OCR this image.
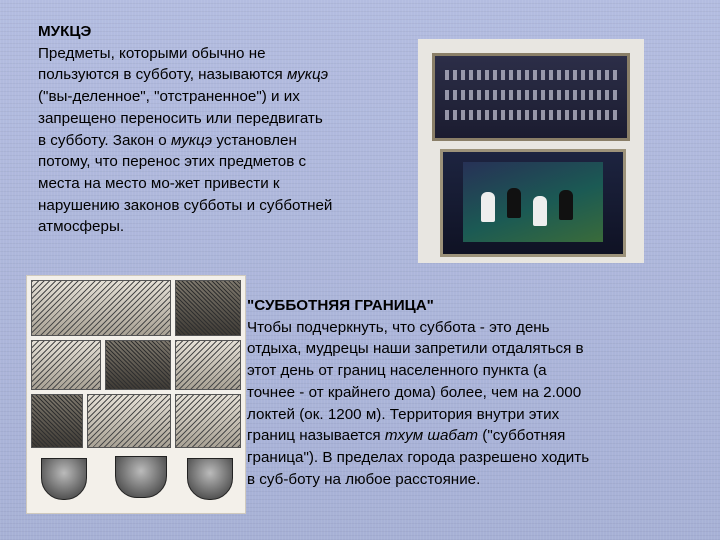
МУКЦЭ

Предметы, которыми обычно не

пользуются в субботу, называются мукцэ

("вы-деленное", "отстраненное") и их

запрещено переносить или передвигать

в субботу. Закон о мукцэ установлен

потому, что перенос этих предметов с

места на место мо-жет привести к

нарушению законов субботы и субботней

атмосферы.

"СУББОТНЯЯ ГРАНИЦА"

Чтобы подчеркнуть, что суббота - это день

отдыха, мудрецы наши запретили отдаляться в

этот день от границ населенного пункта (а

точнее - от крайнего дома) более, чем на 2.000

локтей (ок. 1200 м). Территория внутри этих

границ называется тхум шабат ("субботняя

граница"). В пределах города разрешено ходить

в суб-боту на любое расстояние.
